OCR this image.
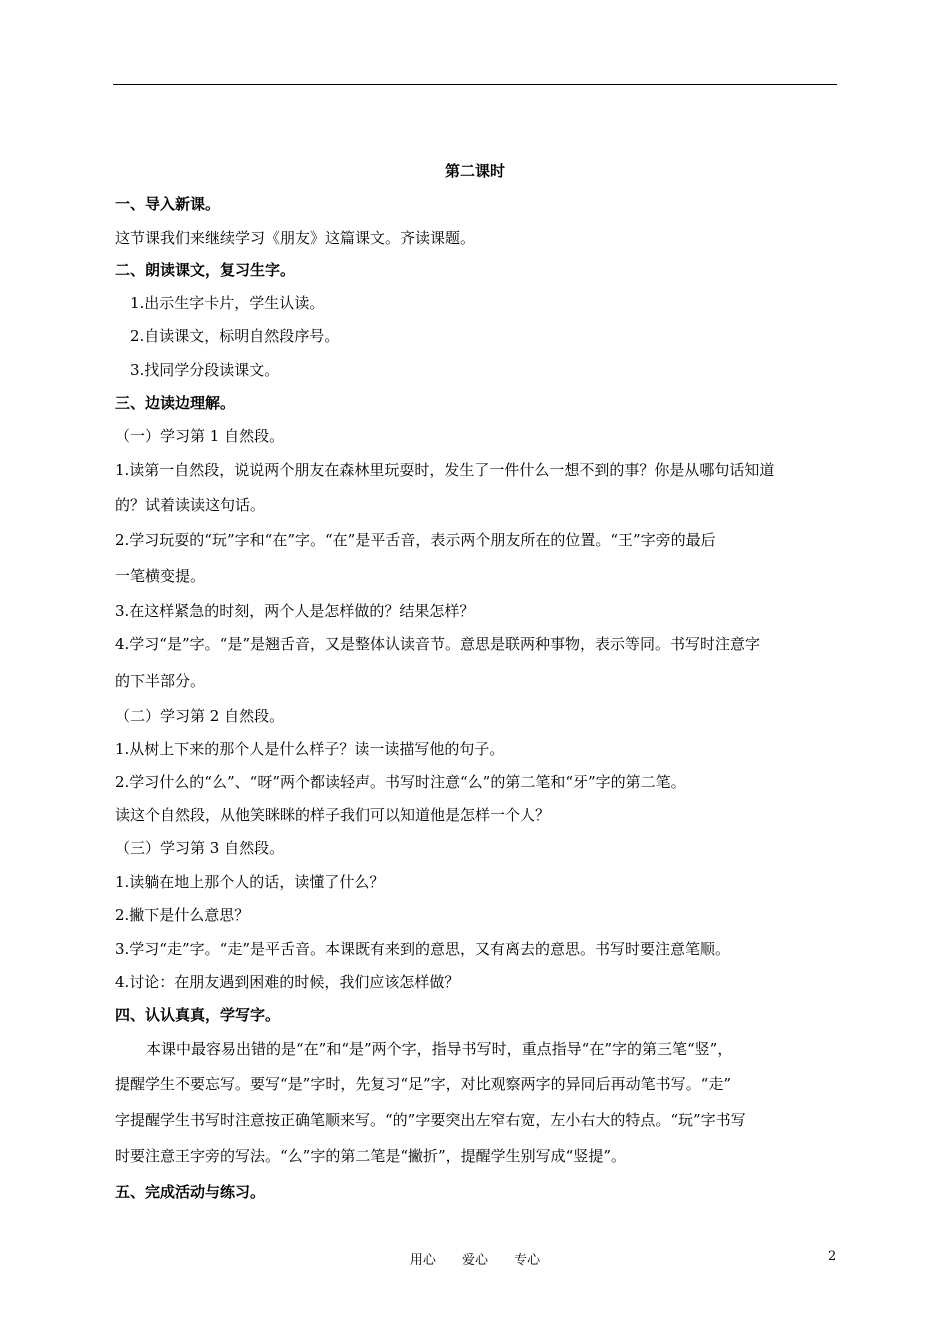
第二课时
一、导入新课。
这节课我们来继续学习《朋友》这篇课文。齐读课题。
二、朗读课文，复习生字。
1.出示生字卡片，学生认读。
2.自读课文，标明自然段序号。
3.找同学分段读课文。
三、边读边理解。
（一）学习第 1 自然段。
1.读第一自然段，说说两个朋友在森林里玩耍时，发生了一件什么一想不到的事？你是从哪句话知道
的？试着读读这句话。
2.学习玩耍的“玩”字和“在”字。“在”是平舌音，表示两个朋友所在的位置。“王”字旁的最后
一笔横变提。
3.在这样紧急的时刻，两个人是怎样做的？结果怎样？
4.学习“是”字。“是”是翘舌音，又是整体认读音节。意思是联两种事物，表示等同。书写时注意字
的下半部分。
（二）学习第 2 自然段。
1.从树上下来的那个人是什么样子？读一读描写他的句子。
2.学习什么的“么”、“呀”两个都读轻声。书写时注意“么”的第二笔和“牙”字的第二笔。
读这个自然段，从他笑眯眯的样子我们可以知道他是怎样一个人？
（三）学习第 3 自然段。
1.读躺在地上那个人的话，读懂了什么？
2.撇下是什么意思？
3.学习“走”字。“走”是平舌音。本课既有来到的意思，又有离去的意思。书写时要注意笔顺。
4.讨论：在朋友遇到困难的时候，我们应该怎样做？
四、认认真真，学写字。
本课中最容易出错的是“在”和“是”两个字，指导书写时，重点指导“在”字的第三笔“竖”，
提醒学生不要忘写。要写“是”字时，先复习“足”字，对比观察两字的异同后再动笔书写。“走”
字提醒学生书写时注意按正确笔顺来写。“的”字要突出左窄右宽，左小右大的特点。“玩”字书写
时要注意王字旁的写法。“么”字的第二笔是“撇折”，提醒学生别写成“竖提”。
五、完成活动与练习。
用心 爱心 专心	2
